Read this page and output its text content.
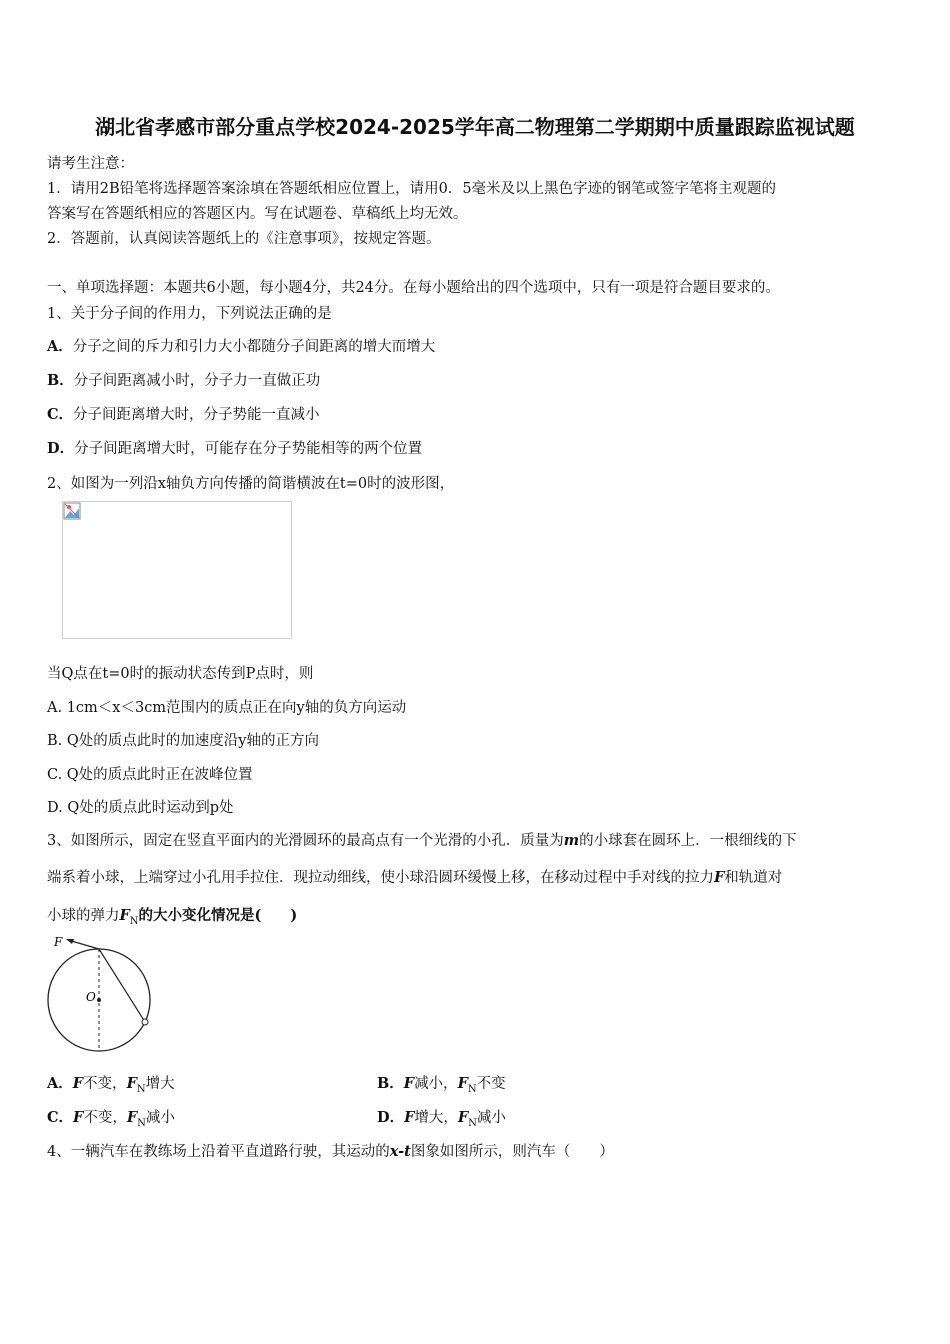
湖北省孝感市部分重点学校2024-2025学年高二物理第二学期期中质量跟踪监视试题
请考生注意：
1．请用2B铅笔将选择题答案涂填在答题纸相应位置上，请用0．5毫米及以上黑色字迹的钢笔或签字笔将主观题的
答案写在答题纸相应的答题区内。写在试题卷、草稿纸上均无效。
2．答题前，认真阅读答题纸上的《注意事项》，按规定答题。
一、单项选择题：本题共6小题，每小题4分，共24分。在每小题给出的四个选项中，只有一项是符合题目要求的。
1、关于分子间的作用力，下列说法正确的是
A．分子之间的斥力和引力大小都随分子间距离的增大而增大
B．分子间距离减小时，分子力一直做正功
C．分子间距离增大时，分子势能一直减小
D．分子间距离增大时，可能存在分子势能相等的两个位置
2、如图为一列沿x轴负方向传播的简谐横波在t=0时的波形图，
当Q点在t=0时的振动状态传到P点时，则
A. 1cm＜x＜3cm范围内的质点正在向y轴的负方向运动
B. Q处的质点此时的加速度沿y轴的正方向
C. Q处的质点此时正在波峰位置
D. Q处的质点此时运动到p处
3、如图所示，固定在竖直平面内的光滑圆环的最高点有一个光滑的小孔．质量为m的小球套在圆环上．一根细线的下
端系着小球，上端穿过小孔用手拉住．现拉动细线，使小球沿圆环缓慢上移，在移动过程中手对线的拉力F和轨道对
小球的弹力$F_N$的大小变化情况是(　　)
F
O
A．F不变，$F_N$增大	B．F减小，$F_N$不变
C．F不变，$F_N$减小	D．F增大，$F_N$减小
4、一辆汽车在教练场上沿着平直道路行驶，其运动的x-t图象如图所示，则汽车（　　）
